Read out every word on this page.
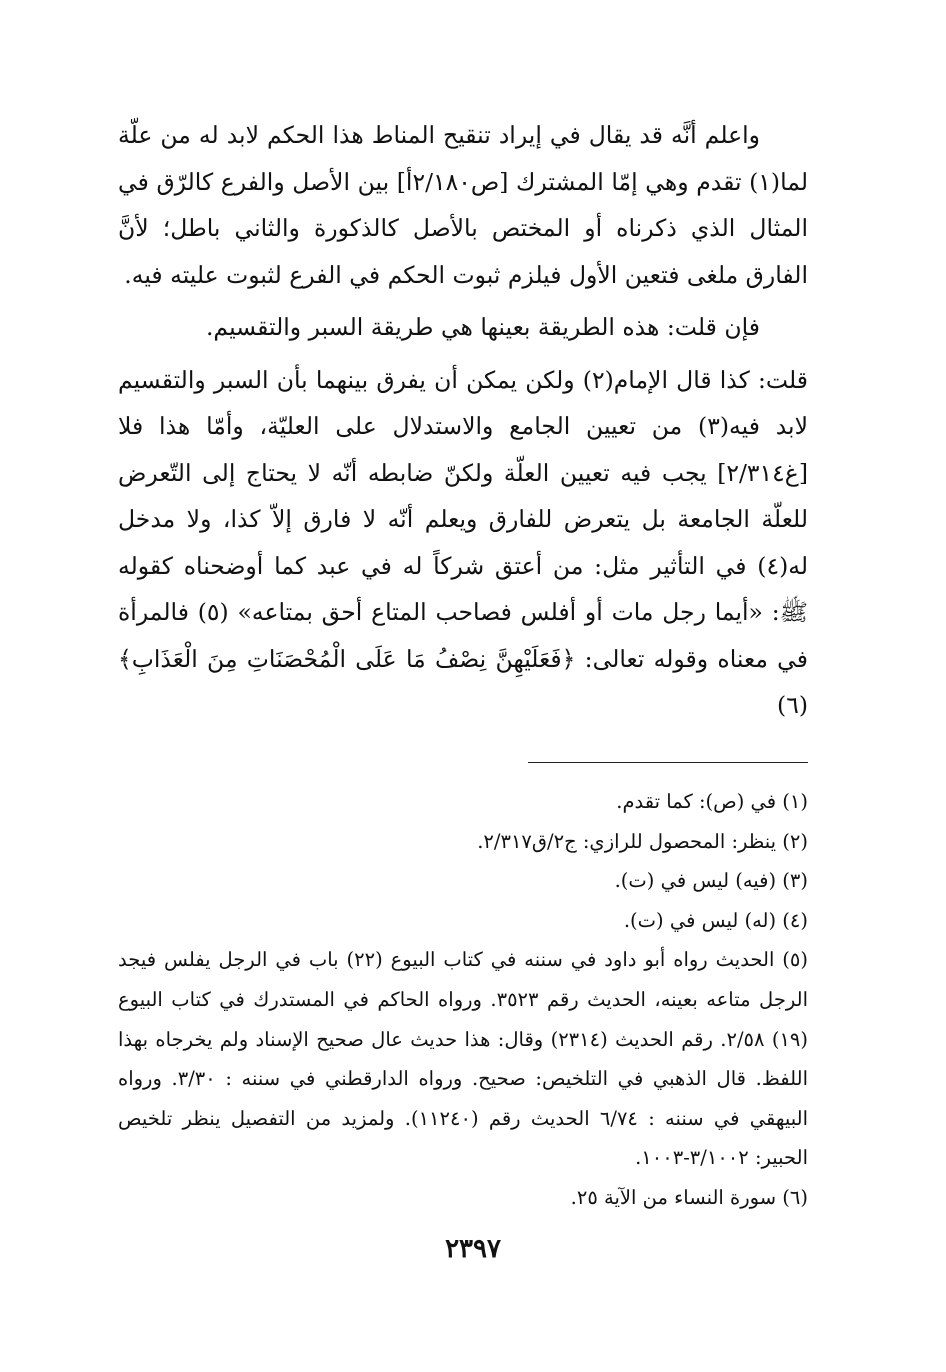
واعلم أنَّه قد يقال في إيراد تنقيح المناط هذا الحكم لابد له من علّة لما(١) تقدم وهي إمّا المشترك [ص٢/١٨٠أ] بين الأصل والفرع كالرّق في المثال الذي ذكرناه أو المختص بالأصل كالذكورة والثاني باطل؛ لأنَّ الفارق ملغى فتعين الأول فيلزم ثبوت الحكم في الفرع لثبوت عليته فيه.

فإن قلت: هذه الطريقة بعينها هي طريقة السبر والتقسيم.

قلت: كذا قال الإمام(٢) ولكن يمكن أن يفرق بينهما بأن السبر والتقسيم لابد فيه(٣) من تعيين الجامع والاستدلال على العليّة، وأمّا هذا فلا [غ٢/٣١٤] يجب فيه تعيين العلّة ولكنّ ضابطه أنّه لا يحتاج إلى التّعرض للعلّة الجامعة بل يتعرض للفارق ويعلم أنّه لا فارق إلاّ كذا، ولا مدخل له(٤) في التأثير مثل: من أعتق شركاً له في عبد كما أوضحناه كقوله ﷺ: «أيما رجل مات أو أفلس فصاحب المتاع أحق بمتاعه» (٥) فالمرأة في معناه وقوله تعالى: ﴿فَعَلَيْهِنَّ نِصْفُ مَا عَلَى الْمُحْصَنَاتِ مِنَ الْعَذَابِ﴾(٦)

(١) في (ص): كما تقدم.

(٢) ينظر: المحصول للرازي: ج٢/ق٢/٣١٧.

(٣) (فيه) ليس في (ت).

(٤) (له) ليس في (ت).

(٥) الحديث رواه أبو داود في سننه في كتاب البيوع (٢٢) باب في الرجل يفلس فيجد الرجل متاعه بعينه، الحديث رقم ٣٥٢٣. ورواه الحاكم في المستدرك في كتاب البيوع (١٩) ٢/٥٨. رقم الحديث (٢٣١٤) وقال: هذا حديث عال صحيح الإسناد ولم يخرجاه بهذا اللفظ. قال الذهبي في التلخيص: صحيح. ورواه الدارقطني في سننه : ٣/٣٠. ورواه البيهقي في سننه : ٦/٧٤ الحديث رقم (١١٢٤٠). ولمزيد من التفصيل ينظر تلخيص الحبير: ٣/١٠٠٢-١٠٠٣.

(٦) سورة النساء من الآية ٢٥.

٢٣٩٧
